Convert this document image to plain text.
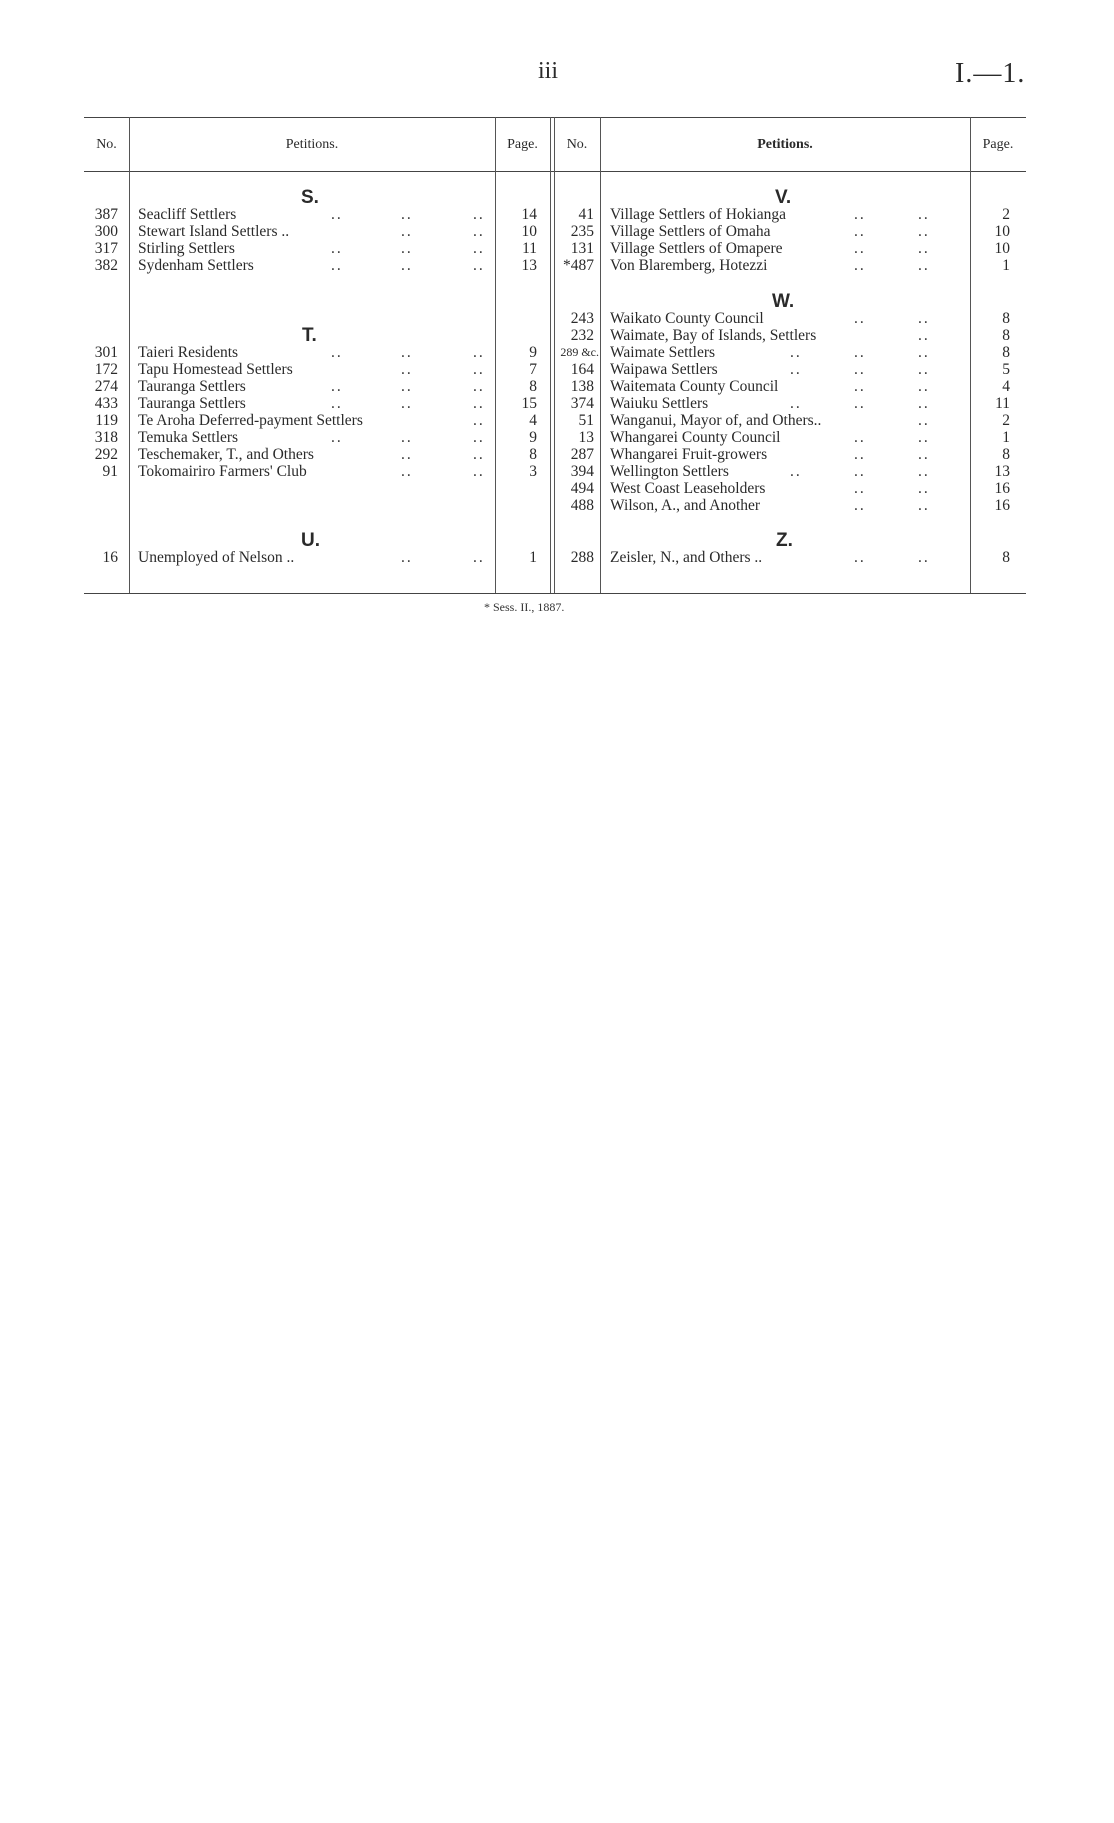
iii	I.—1.
No.	Petitions.	Page.	No.	Petitions.	Page.
S.
387 Seacliff Settlers	..	..	..	14
300 Stewart Island Settlers ..	..	..	10
317 Stirling Settlers	..	..	..	11
382 Sydenham Settlers	..	..	..	13
T.
301 Taieri Residents	..	..	..	9
172 Tapu Homestead Settlers	..	..	7
274 Tauranga Settlers	..	..	..	8
433 Tauranga Settlers	..	..	..	15
119 Te Aroha Deferred-payment Settlers	..	4
318 Temuka Settlers	..	..	..	9
292 Teschemaker, T., and Others	..	..	8
91 Tokomairiro Farmers' Club	..	..	3
U.
16 Unemployed of Nelson ..	..	..	1
V.
41 Village Settlers of Hokianga	..	..	2
235 Village Settlers of Omaha	..	..	10
131 Village Settlers of Omapere	..	..	10
*487 Von Blaremberg, Hotezzi	..	..	1
W.
243 Waikato County Council	..	..	8
232 Waimate, Bay of Islands, Settlers	..	8
289 &c. Waimate Settlers	..	..	..	8
164 Waipawa Settlers	..	..	..	5
138 Waitemata County Council	..	..	4
374 Waiuku Settlers	..	..	..	11
51 Wanganui, Mayor of, and Others..	..	2
13 Whangarei County Council	..	..	1
287 Whangarei Fruit-growers	..	..	8
394 Wellington Settlers	..	..	..	13
494 West Coast Leaseholders	..	..	16
488 Wilson, A., and Another	..	..	16
Z.
288 Zeisler, N., and Others ..	..	..	8
* Sess. II., 1887.
